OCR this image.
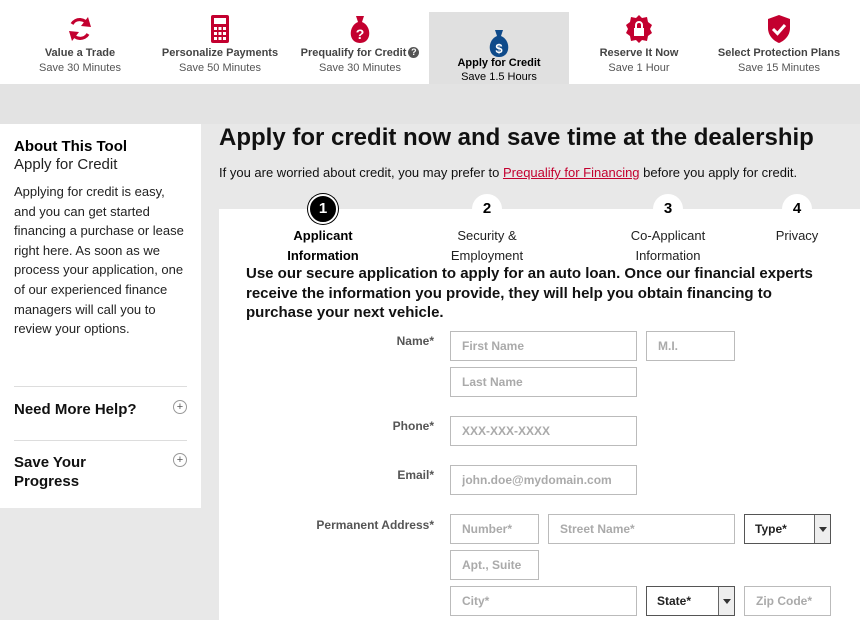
Value a Trade
Save 30 Minutes
Personalize Payments
Save 50 Minutes
?
Prequalify for Credit ?
Save 30 Minutes
$
Apply for Credit
Save 1.5 Hours
Reserve It Now
Save 1 Hour
Select Protection Plans
Save 15 Minutes
About This Tool
Apply for Credit
Applying for credit is easy, and you can get started financing a purchase or lease right here. As soon as we process your application, one of our experienced finance managers will call you to review your options.
Need More Help?	+
Save Your Progress
+
Apply for credit now and save time at the dealership
If you are worried about credit, you may prefer to Prequalify for Financing before you apply for credit.
1
Applicant Information
2
Security & Employment
3
Co-Applicant Information
4
Privacy
Use our secure application to apply for an auto loan. Once our financial experts receive the information you provide, they will help you obtain financing to purchase your next vehicle.
Name*
First Name
M.I.
Last Name
Phone*
XXX-XXX-XXXX
Email*
john.doe@mydomain.com
Permanent Address*
Number*
Street Name*	Type*
Apt., Suite
City*
State*
Zip Code*
